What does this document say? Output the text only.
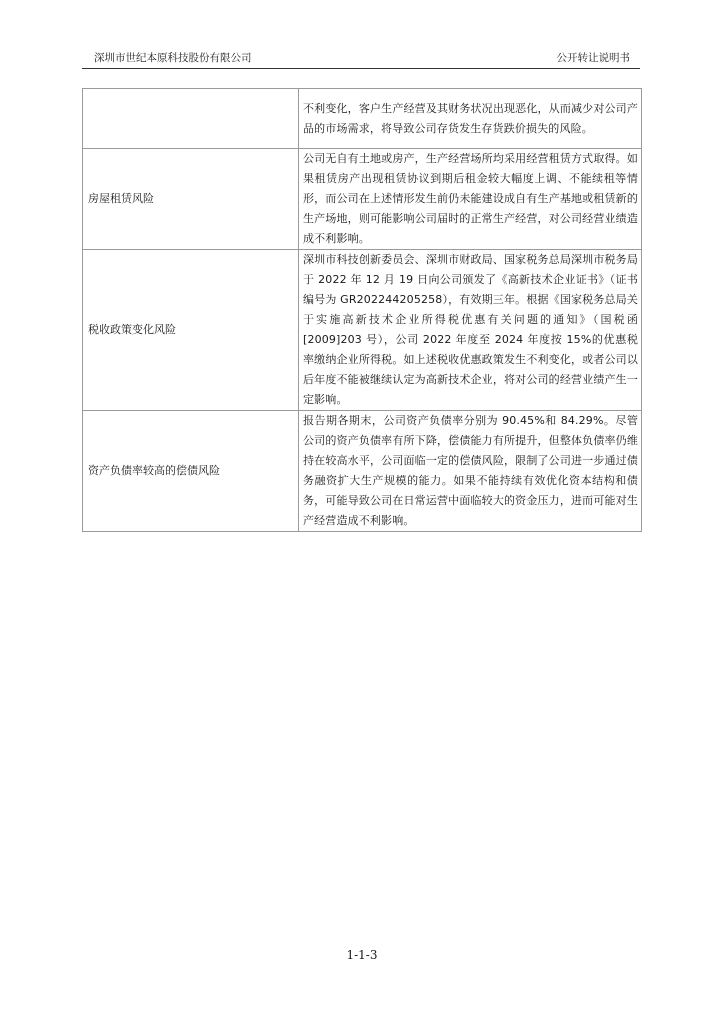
深圳市世纪本原科技股份有限公司	公开转让说明书
	不利变化，客户生产经营及其财务状况出现恶化，从而减少对公司产品的市场需求，将导致公司存货发生存货跌价损失的风险。
房屋租赁风险	公司无自有土地或房产，生产经营场所均采用经营租赁方式取得。如果租赁房产出现租赁协议到期后租金较大幅度上调、不能续租等情形，而公司在上述情形发生前仍未能建设成自有生产基地或租赁新的生产场地，则可能影响公司届时的正常生产经营，对公司经营业绩造成不利影响。
税收政策变化风险	深圳市科技创新委员会、深圳市财政局、国家税务总局深圳市税务局于 2022 年 12 月 19 日向公司颁发了《高新技术企业证书》（证书编号为 GR202244205258），有效期三年。根据《国家税务总局关于实施高新技术企业所得税优惠有关问题的通知》（国税函[2009]203 号），公司 2022 年度至 2024 年度按 15%的优惠税率缴纳企业所得税。如上述税收优惠政策发生不利变化，或者公司以后年度不能被继续认定为高新技术企业，将对公司的经营业绩产生一定影响。
资产负债率较高的偿债风险	报告期各期末，公司资产负债率分别为 90.45%和 84.29%。尽管公司的资产负债率有所下降，偿债能力有所提升，但整体负债率仍维持在较高水平，公司面临一定的偿债风险，限制了公司进一步通过债务融资扩大生产规模的能力。如果不能持续有效优化资本结构和债务，可能导致公司在日常运营中面临较大的资金压力，进而可能对生产经营造成不利影响。
1-1-3
